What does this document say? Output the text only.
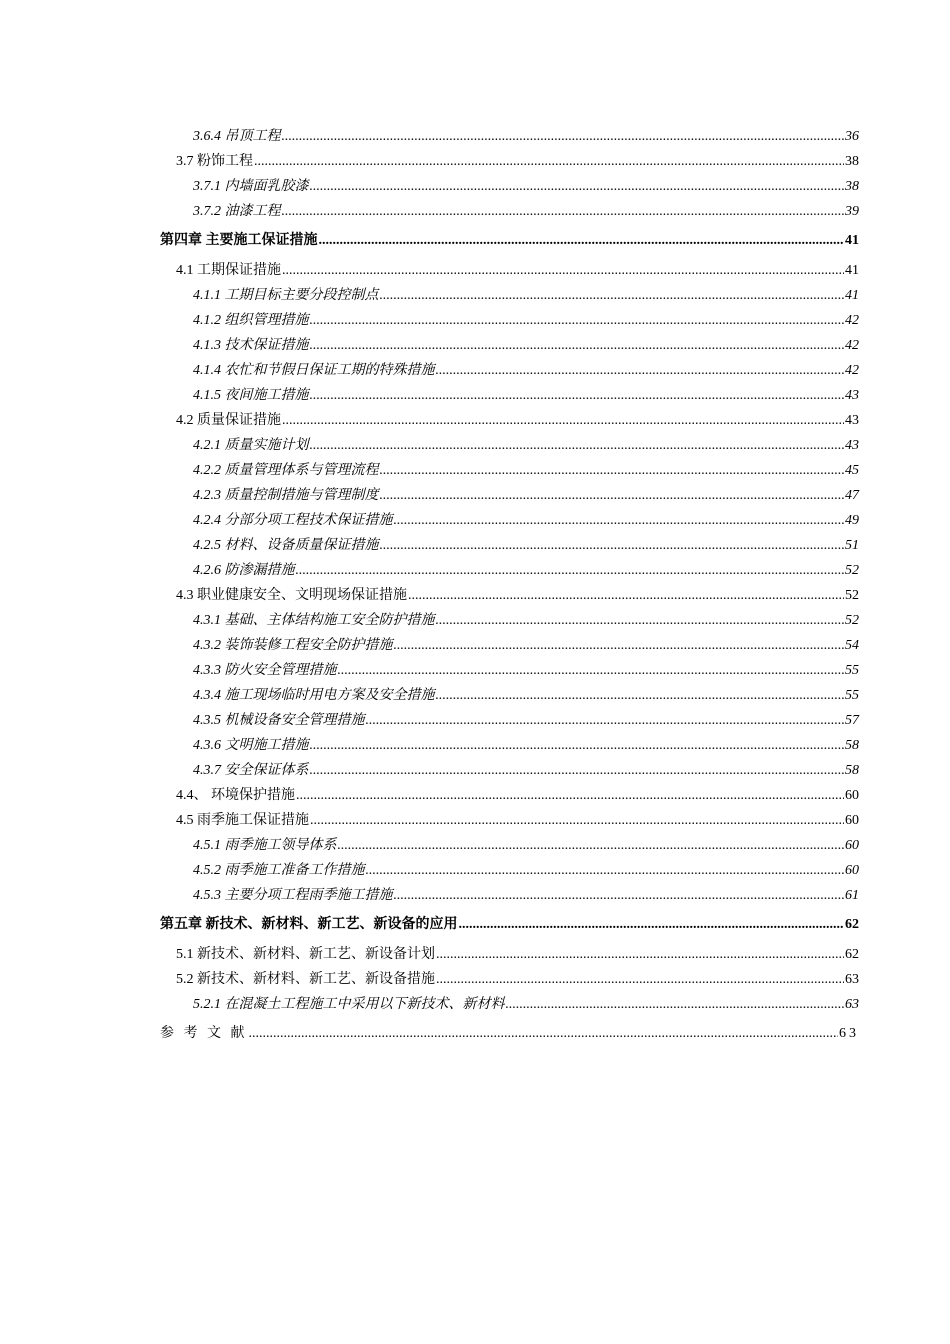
3.6.4 吊顶工程 .....	36
3.7 粉饰工程 .....	38
3.7.1 内墙面乳胶漆 .....	38
3.7.2 油漆工程 .....	39
第四章 主要施工保证措施 .....	41
4.1 工期保证措施 .....	41
4.1.1 工期目标主要分段控制点 .....	41
4.1.2 组织管理措施 .....	42
4.1.3 技术保证措施 .....	42
4.1.4 农忙和节假日保证工期的特殊措施 .....	42
4.1.5 夜间施工措施 .....	43
4.2 质量保证措施 .....	43
4.2.1 质量实施计划 .....	43
4.2.2 质量管理体系与管理流程 .....	45
4.2.3 质量控制措施与管理制度 .....	47
4.2.4 分部分项工程技术保证措施 .....	49
4.2.5 材料、设备质量保证措施 .....	51
4.2.6 防渗漏措施 .....	52
4.3 职业健康安全、文明现场保证措施 .....	52
4.3.1 基础、主体结构施工安全防护措施 .....	52
4.3.2 装饰装修工程安全防护措施 .....	54
4.3.3 防火安全管理措施 .....	55
4.3.4 施工现场临时用电方案及安全措施 .....	55
4.3.5 机械设备安全管理措施 .....	57
4.3.6 文明施工措施 .....	58
4.3.7 安全保证体系 .....	58
4.4、 环境保护措施 .....	60
4.5 雨季施工保证措施 .....	60
4.5.1 雨季施工领导体系 .....	60
4.5.2 雨季施工准备工作措施 .....	60
4.5.3 主要分项工程雨季施工措施 .....	61
第五章 新技术、新材料、新工艺、新设备的应用 .....	62
5.1 新技术、新材料、新工艺、新设备计划 .....	62
5.2 新技术、新材料、新工艺、新设备措施 .....	63
5.2.1 在混凝土工程施工中采用以下新技术、新材料 .....	63
参 考 文 献 .....	63
